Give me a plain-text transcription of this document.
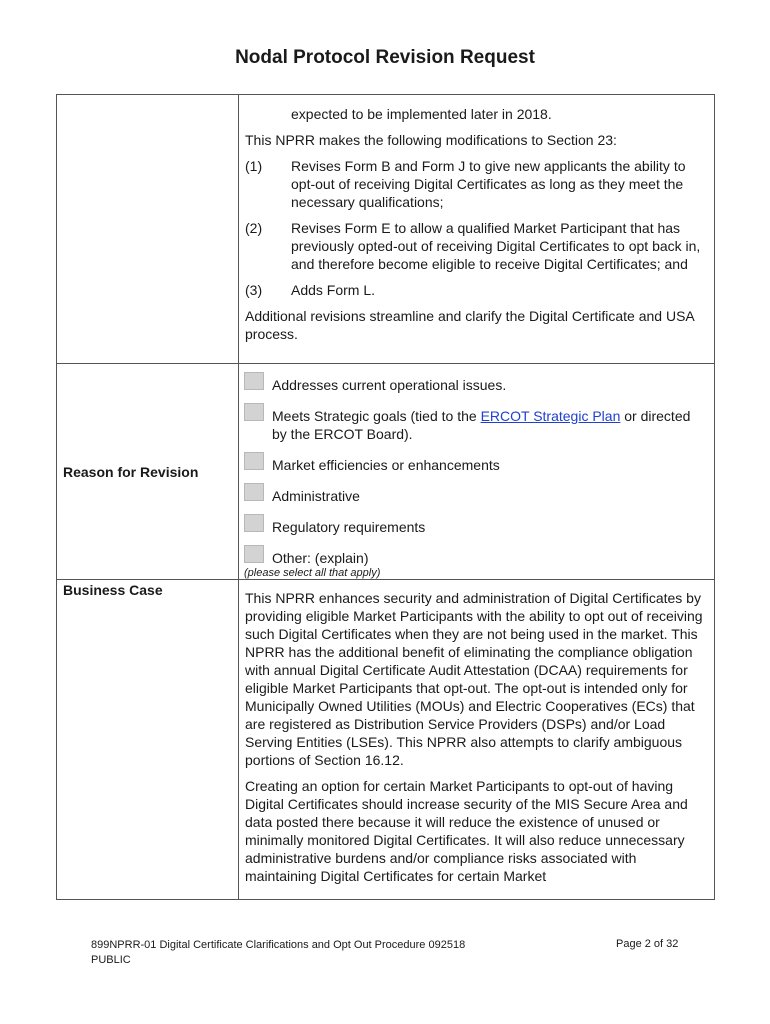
Nodal Protocol Revision Request

expected to be implemented later in 2018.

This NPRR makes the following modifications to Section 23:

(1) Revises Form B and Form J to give new applicants the ability to opt-out of receiving Digital Certificates as long as they meet the necessary qualifications;
(2) Revises Form E to allow a qualified Market Participant that has previously opted-out of receiving Digital Certificates to opt back in, and therefore become eligible to receive Digital Certificates; and
(3) Adds Form L.

Additional revisions streamline and clarify the Digital Certificate and USA process.

Reason for Revision
Addresses current operational issues.
Meets Strategic goals (tied to the ERCOT Strategic Plan or directed by the ERCOT Board).
Market efficiencies or enhancements
Administrative
Regulatory requirements
Other: (explain)
(please select all that apply)
Business Case	This NPRR enhances security and administration of Digital Certificates by providing eligible Market Participants with the ability to opt out of receiving such Digital Certificates when they are not being used in the market. This NPRR has the additional benefit of eliminating the compliance obligation with annual Digital Certificate Audit Attestation (DCAA) requirements for eligible Market Participants that opt-out. The opt-out is intended only for Municipally Owned Utilities (MOUs) and Electric Cooperatives (ECs) that are registered as Distribution Service Providers (DSPs) and/or Load Serving Entities (LSEs). This NPRR also attempts to clarify ambiguous portions of Section 16.12.

Creating an option for certain Market Participants to opt-out of having Digital Certificates should increase security of the MIS Secure Area and data posted there because it will reduce the existence of unused or minimally monitored Digital Certificates. It will also reduce unnecessary administrative burdens and/or compliance risks associated with maintaining Digital Certificates for certain Market

899NPRR-01 Digital Certificate Clarifications and Opt Out Procedure 092518
PUBLIC
Page 2 of 32
